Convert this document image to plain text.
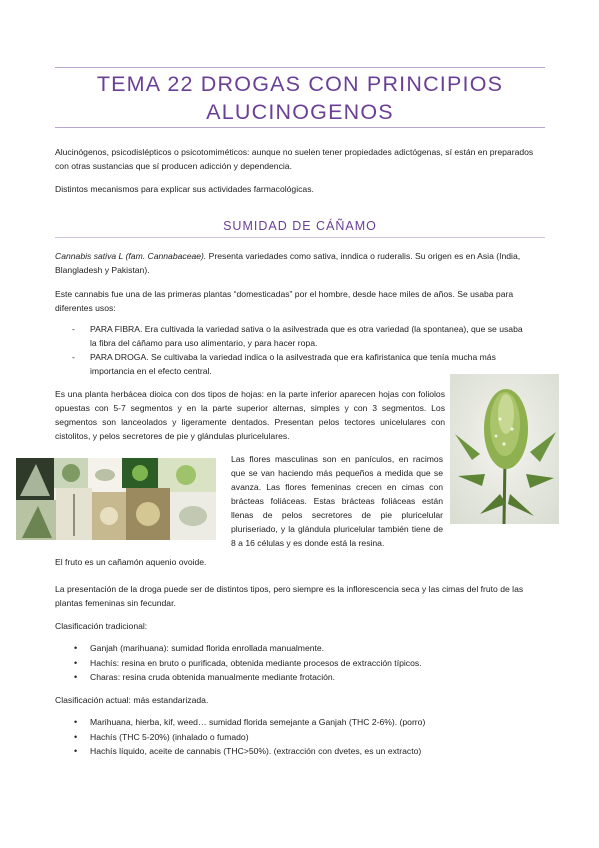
TEMA 22 DROGAS CON PRINCIPIOS
ALUCINOGENOS

Alucinógenos, psicodislépticos o psicotomiméticos: aunque no suelen tener propiedades adictógenas, sí están en preparados con otras sustancias que sí producen adicción y dependencia.

Distintos mecanismos para explicar sus actividades farmacológicas.

SUMIDAD DE CÁÑAMO

Cannabis sativa L (fam. Cannabaceae). Presenta variedades como sativa, inndica o ruderalis. Su origen es en Asia (India, Blangladesh y Pakistan).

Este cannabis fue una de las primeras plantas “domesticadas” por el hombre, desde hace miles de años. Se usaba para diferentes usos:

- PARA FIBRA. Era cultivada la variedad sativa o la asilvestrada que es otra variedad (la spontanea), que se usaba la fibra del cáñamo para uso alimentario, y para hacer ropa.

- PARA DROGA. Se cultivaba la variedad indica o la asilvestrada que era kafiristanica que tenía mucha más importancia en el efecto central.

Es una planta herbácea dioica con dos tipos de hojas: en la parte inferior aparecen hojas con foliolos opuestas con 5-7 segmentos y en la parte superior alternas, simples y con 3 segmentos. Los segmentos son lanceolados y ligeramente dentados. Presentan pelos tectores unicelulares con cistolitos, y pelos secretores de pie y glándulas pluricelulares.

Las flores masculinas son en panículos, en racimos que se van haciendo más pequeños a medida que se avanza. Las flores femeninas crecen en cimas con brácteas foliáceas. Estas brácteas foliáceas están llenas de pelos secretores de pie pluricelular pluriseriado, y la glándula pluricelular también tiene de 8 a 16 células y es donde está la resina.

El fruto es un cañamón aquenio ovoide.

La presentación de la droga puede ser de distintos tipos, pero siempre es la inflorescencia seca y las cimas del fruto de las plantas femeninas sin fecundar.

Clasificación tradicional:

• Ganjah (marihuana): sumidad florida enrollada manualmente.

• Hachís: resina en bruto o purificada, obtenida mediante procesos de extracción típicos.

• Charas: resina cruda obtenida manualmente mediante frotación.

Clasificación actual: más estandarizada.

• Marihuana, hierba, kif, weed… sumidad florida semejante a Ganjah (THC 2-6%). (porro)

• Hachís (THC 5-20%) (inhalado o fumado)

• Hachís líquido, aceite de cannabis (THC>50%). (extracción con dvetes, es un extracto)
